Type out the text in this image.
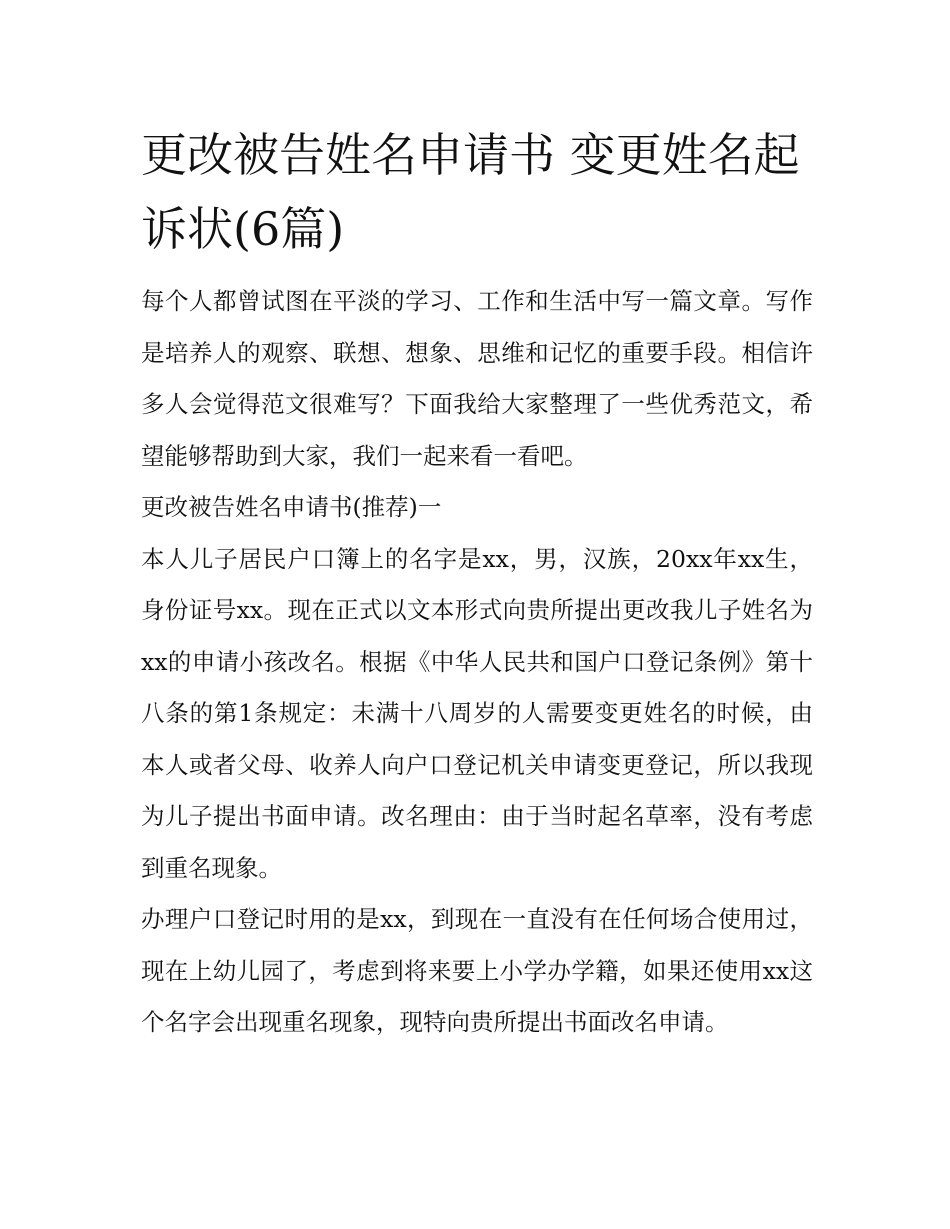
更改被告姓名申请书 变更姓名起诉状(6篇)

每个人都曾试图在平淡的学习、工作和生活中写一篇文章。写作是培养人的观察、联想、想象、思维和记忆的重要手段。相信许多人会觉得范文很难写？下面我给大家整理了一些优秀范文，希望能够帮助到大家，我们一起来看一看吧。

更改被告姓名申请书(推荐)一

本人儿子居民户口簿上的名字是xx，男，汉族，20xx年xx生，身份证号xx。现在正式以文本形式向贵所提出更改我儿子姓名为xx的申请小孩改名。根据《中华人民共和国户口登记条例》第十八条的第1条规定：未满十八周岁的人需要变更姓名的时候，由本人或者父母、收养人向户口登记机关申请变更登记，所以我现为儿子提出书面申请。改名理由：由于当时起名草率，没有考虑到重名现象。

办理户口登记时用的是xx，到现在一直没有在任何场合使用过，现在上幼儿园了，考虑到将来要上小学办学籍，如果还使用xx这个名字会出现重名现象，现特向贵所提出书面改名申请。
